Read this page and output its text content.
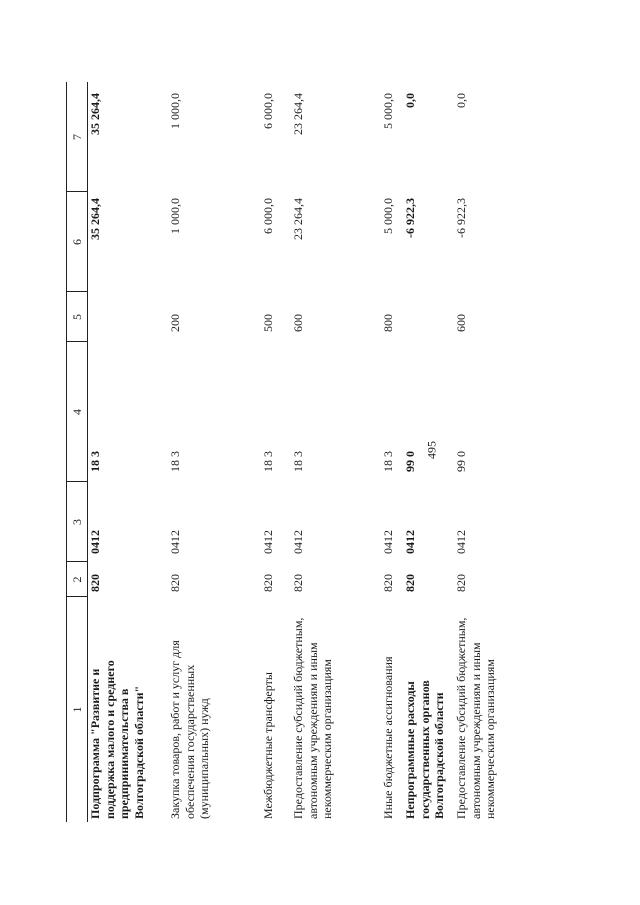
495
1
2
3
4
5
6
7
Подпрограмма "Развитие и поддержка малого и среднего предпринимательства в Волгоградской области"
820
0412
18 3
35 264,4
35 264,4
Закупка товаров, работ и услуг для обеспечения государственных (муниципальных) нужд
820
0412
18 3
200
1 000,0
1 000,0
Межбюджетные трансферты
820
0412
18 3
500
6 000,0
6 000,0
Предоставление субсидий бюджетным, автономным учреждениям и иным некоммерческим организациям
820
0412
18 3
600
23 264,4
23 264,4
Иные бюджетные ассигнования
820
0412
18 3
800
5 000,0
5 000,0
Непрограммные расходы государственных органов Волгоградской области
820
0412
99 0
-6 922,3
0,0
Предоставление субсидий бюджетным, автономным учреждениям и иным некоммерческим организациям
820
0412
99 0
600
-6 922,3
0,0
